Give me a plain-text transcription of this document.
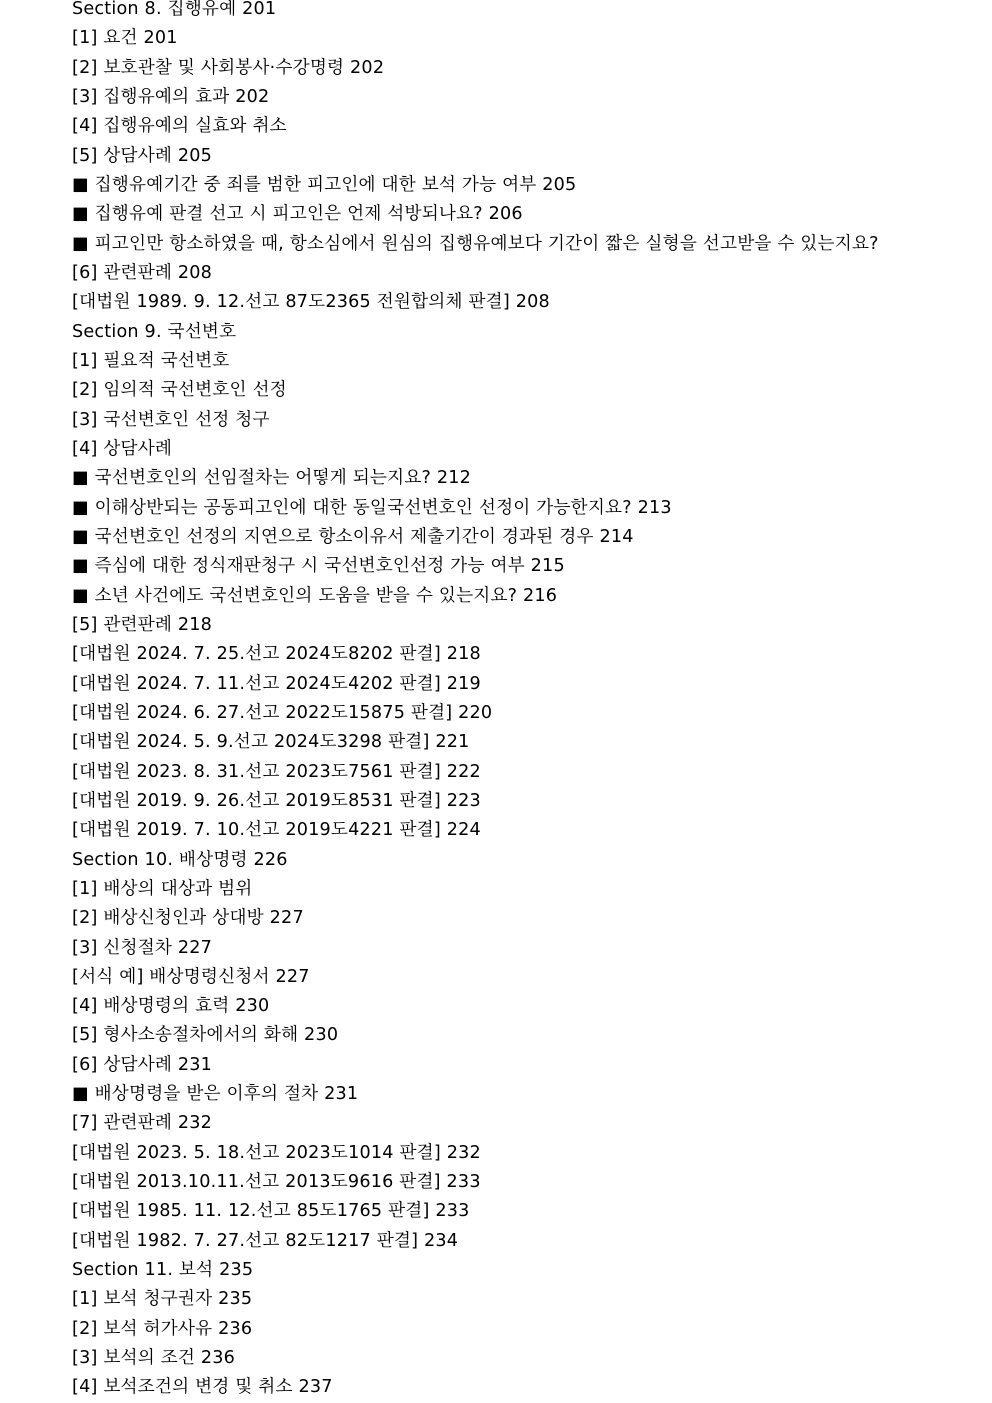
Section 8. 집행유예 201
[1] 요건 201
[2] 보호관찰 및 사회봉사·수강명령 202
[3] 집행유예의 효과 202
[4] 집행유예의 실효와 취소
[5] 상담사례 205
■ 집행유예기간 중 죄를 범한 피고인에 대한 보석 가능 여부 205
■ 집행유예 판결 선고 시 피고인은 언제 석방되나요? 206
■ 피고인만 항소하였을 때, 항소심에서 원심의 집행유예보다 기간이 짧은 실형을 선고받을 수 있는지요?
[6] 관련판례 208
[대법원 1989. 9. 12.선고 87도2365 전원합의체 판결] 208
Section 9. 국선변호
[1] 필요적 국선변호
[2] 임의적 국선변호인 선정
[3] 국선변호인 선정 청구
[4] 상담사례
■ 국선변호인의 선임절차는 어떻게 되는지요? 212
■ 이해상반되는 공동피고인에 대한 동일국선변호인 선정이 가능한지요? 213
■ 국선변호인 선정의 지연으로 항소이유서 제출기간이 경과된 경우 214
■ 즉심에 대한 정식재판청구 시 국선변호인선정 가능 여부 215
■ 소년 사건에도 국선변호인의 도움을 받을 수 있는지요? 216
[5] 관련판례 218
[대법원 2024. 7. 25.선고 2024도8202 판결] 218
[대법원 2024. 7. 11.선고 2024도4202 판결] 219
[대법원 2024. 6. 27.선고 2022도15875 판결] 220
[대법원 2024. 5. 9.선고 2024도3298 판결] 221
[대법원 2023. 8. 31.선고 2023도7561 판결] 222
[대법원 2019. 9. 26.선고 2019도8531 판결] 223
[대법원 2019. 7. 10.선고 2019도4221 판결] 224
Section 10. 배상명령 226
[1] 배상의 대상과 범위
[2] 배상신청인과 상대방 227
[3] 신청절차 227
[서식 예] 배상명령신청서 227
[4] 배상명령의 효력 230
[5] 형사소송절차에서의 화해 230
[6] 상담사례 231
■ 배상명령을 받은 이후의 절차 231
[7] 관련판례 232
[대법원 2023. 5. 18.선고 2023도1014 판결] 232
[대법원 2013.10.11.선고 2013도9616 판결] 233
[대법원 1985. 11. 12.선고 85도1765 판결] 233
[대법원 1982. 7. 27.선고 82도1217 판결] 234
Section 11. 보석 235
[1] 보석 청구권자 235
[2] 보석 허가사유 236
[3] 보석의 조건 236
[4] 보석조건의 변경 및 취소 237
